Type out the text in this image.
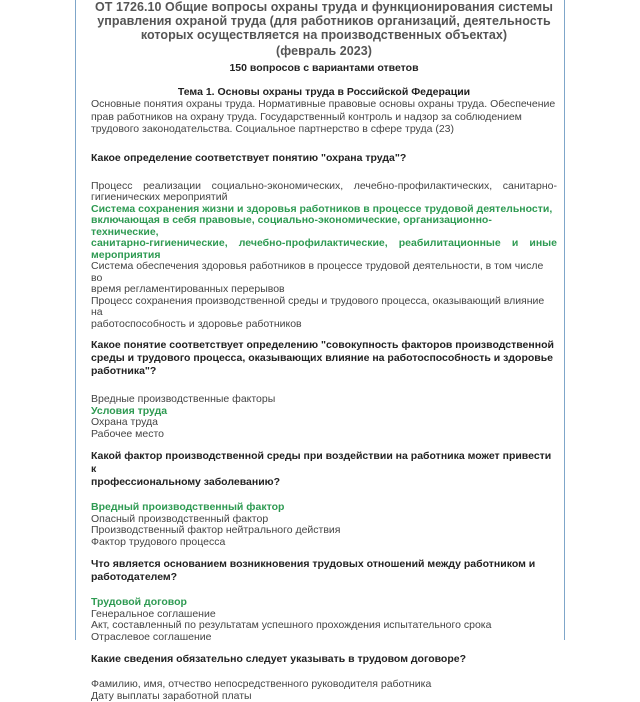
ОТ 1726.10 Общие вопросы охраны труда и функционирования системы
управления охраной труда (для работников организаций, деятельность
которых осуществляется на производственных объектах)
(февраль 2023)
150 вопросов с вариантами ответов
Тема 1. Основы охраны труда в Российской Федерации
Основные понятия охраны труда. Нормативные правовые основы охраны труда. Обеспечение
прав работников на охрану труда. Государственный контроль и надзор за соблюдением
трудового законодательства. Социальное партнерство в сфере труда (23)
Какое определение соответствует понятию "охрана труда"?
Процесс реализации социально-экономических, лечебно-профилактических, санитарно-
гигиенических мероприятий
Система сохранения жизни и здоровья работников в процессе трудовой деятельности,
включающая в себя правовые, социально-экономические, организационно-технические,
санитарно-гигиенические, лечебно-профилактические, реабилитационные и иные
мероприятия
Система обеспечения здоровья работников в процессе трудовой деятельности, в том числе во
время регламентированных перерывов
Процесс сохранения производственной среды и трудового процесса, оказывающий влияние на
работоспособность и здоровье работников
Какое понятие соответствует определению "совокупность факторов производственной
среды и трудового процесса, оказывающих влияние на работоспособность и здоровье
работника"?
Вредные производственные факторы
Условия труда
Охрана труда
Рабочее место
Какой фактор производственной среды при воздействии на работника может привести к
профессиональному заболеванию?
Вредный производственный фактор
Опасный производственный фактор
Производственный фактор нейтрального действия
Фактор трудового процесса
Что является основанием возникновения трудовых отношений между работником и
работодателем?
Трудовой договор
Генеральное соглашение
Акт, составленный по результатам успешного прохождения испытательного срока
Отраслевое соглашение
Какие сведения обязательно следует указывать в трудовом договоре?
Фамилию, имя, отчество непосредственного руководителя работника
Дату выплаты заработной платы
